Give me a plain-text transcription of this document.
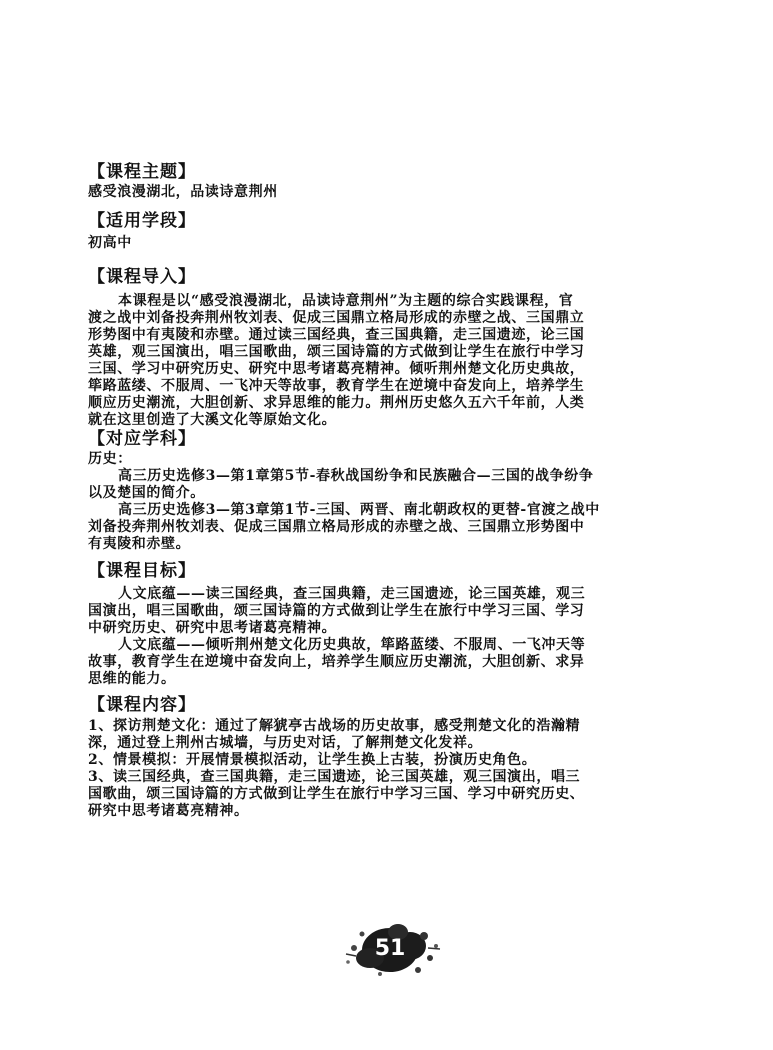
【课程主题】
感受浪漫湖北，品读诗意荆州
【适用学段】
初高中
【课程导入】
本课程是以“感受浪漫湖北，品读诗意荆州”为主题的综合实践课程，官
渡之战中刘备投奔荆州牧刘表、促成三国鼎立格局形成的赤壁之战、三国鼎立
形势图中有夷陵和赤壁。通过读三国经典，查三国典籍，走三国遗迹，论三国
英雄，观三国演出，唱三国歌曲，颂三国诗篇的方式做到让学生在旅行中学习
三国、学习中研究历史、研究中思考诸葛亮精神。倾听荆州楚文化历史典故，
筚路蓝缕、不服周、一飞冲天等故事，教育学生在逆境中奋发向上，培养学生
顺应历史潮流，大胆创新、求异思维的能力。荆州历史悠久五六千年前，人类
就在这里创造了大溪文化等原始文化。
【对应学科】
历史：
高三历史选修3—第1章第5节-春秋战国纷争和民族融合—三国的战争纷争
以及楚国的简介。
高三历史选修3—第3章第1节-三国、两晋、南北朝政权的更替-官渡之战中
刘备投奔荆州牧刘表、促成三国鼎立格局形成的赤壁之战、三国鼎立形势图中
有夷陵和赤壁。
【课程目标】
人文底蕴——读三国经典，查三国典籍，走三国遗迹，论三国英雄，观三
国演出，唱三国歌曲，颂三国诗篇的方式做到让学生在旅行中学习三国、学习
中研究历史、研究中思考诸葛亮精神。
人文底蕴——倾听荆州楚文化历史典故，筚路蓝缕、不服周、一飞冲天等
故事，教育学生在逆境中奋发向上，培养学生顺应历史潮流，大胆创新、求异
思维的能力。
【课程内容】
1、探访荆楚文化：通过了解猇亭古战场的历史故事，感受荆楚文化的浩瀚精
深，通过登上荆州古城墙，与历史对话，了解荆楚文化发祥。
2、情景模拟：开展情景模拟活动，让学生换上古装，扮演历史角色。
3、读三国经典，查三国典籍，走三国遗迹，论三国英雄，观三国演出，唱三
国歌曲，颂三国诗篇的方式做到让学生在旅行中学习三国、学习中研究历史、
研究中思考诸葛亮精神。
51
